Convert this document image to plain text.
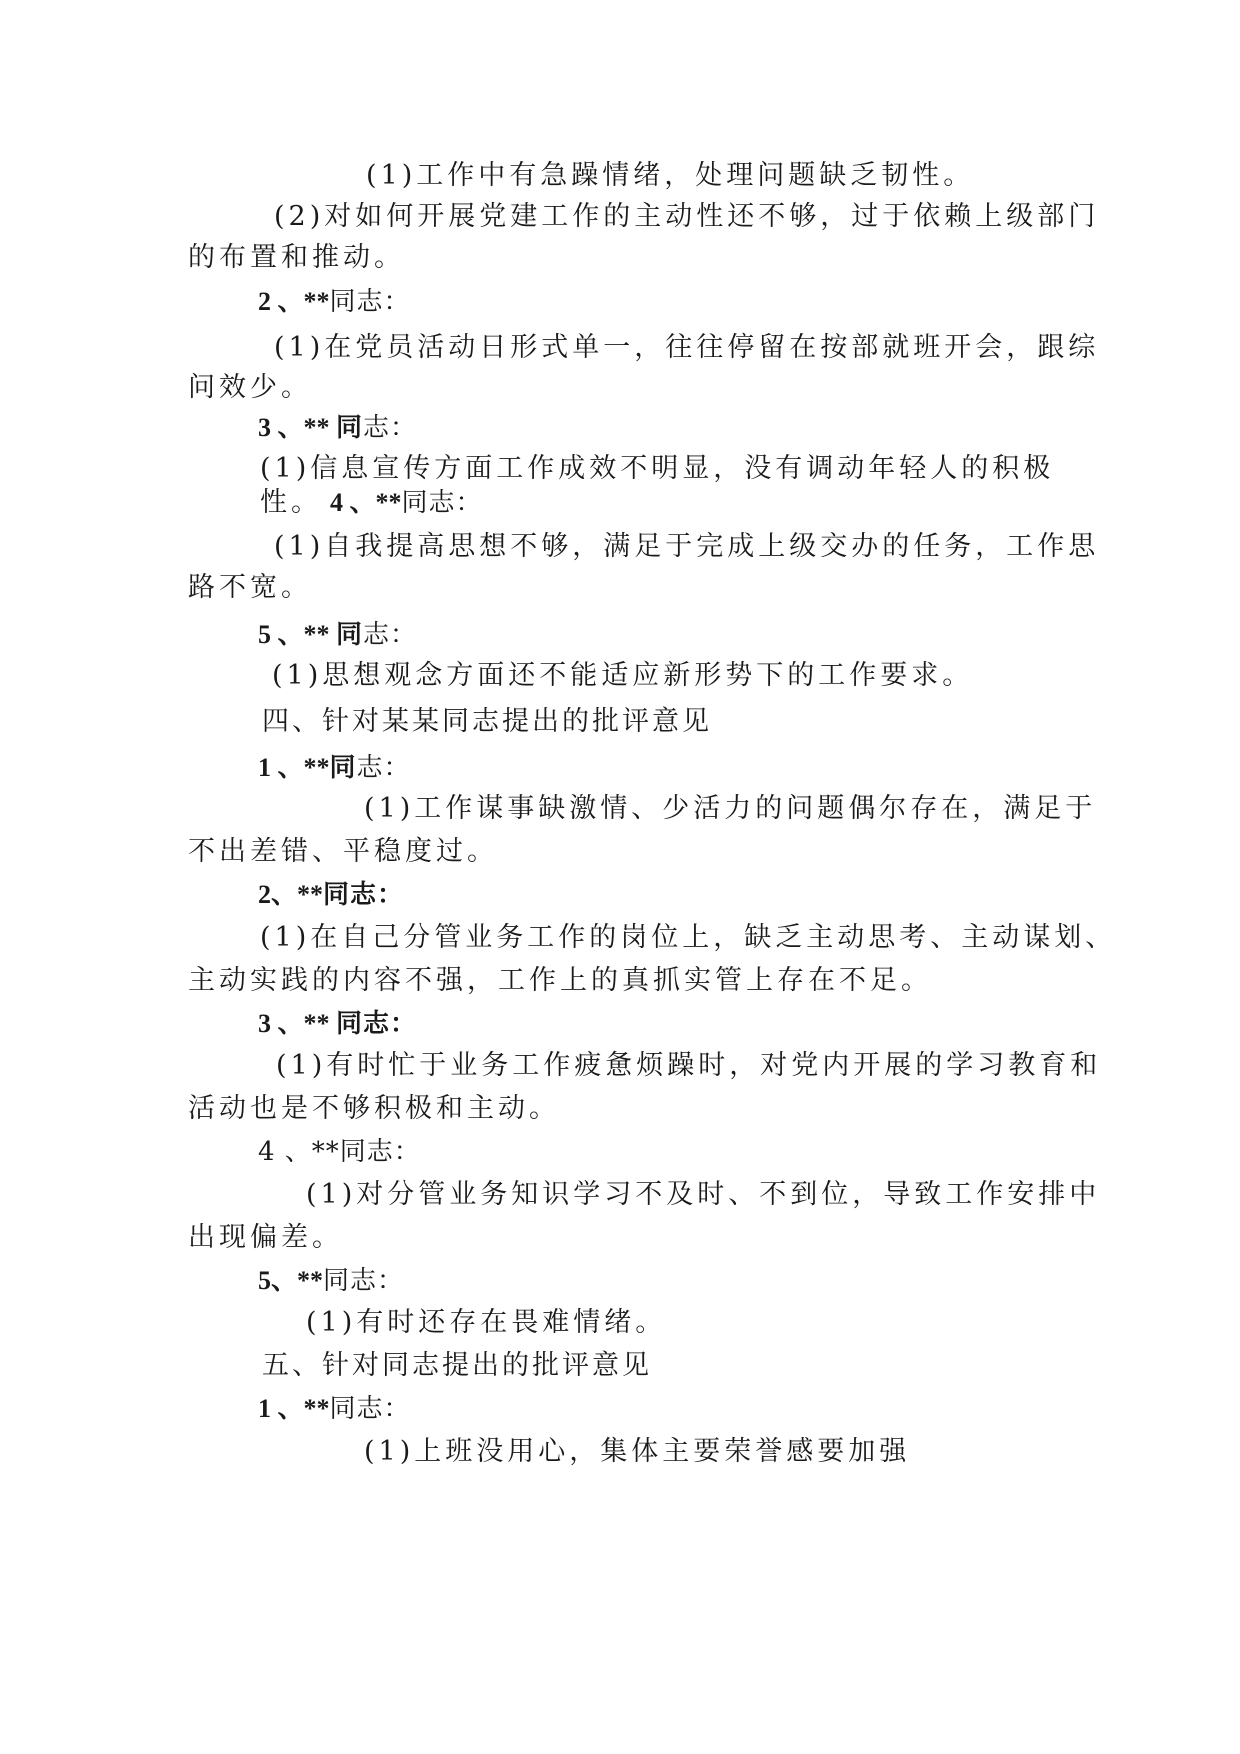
(1)工作中有急躁情绪，处理问题缺乏韧性。
(2)对如何开展党建工作的主动性还不够，过于依赖上级部门
的布置和推动。
2 、**同志：
(1)在党员活动日形式单一，往往停留在按部就班开会，跟综
问效少。
3 、** 同志：
(1)信息宣传方面工作成效不明显，没有调动年轻人的积极
性。 4 、**同志：
(1)自我提高思想不够，满足于完成上级交办的任务，工作思
路不宽。
5 、** 同志：
(1)思想观念方面还不能适应新形势下的工作要求。
四、针对某某同志提出的批评意见
1 、**同志：
(1)工作谋事缺激情、少活力的问题偶尔存在，满足于
不出差错、平稳度过。
2、**同志：
(1)在自己分管业务工作的岗位上，缺乏主动思考、主动谋划、
主动实践的内容不强，工作上的真抓实管上存在不足。
3 、** 同志：
(1)有时忙于业务工作疲惫烦躁时，对党内开展的学习教育和
活动也是不够积极和主动。
4 、**同志：
(1)对分管业务知识学习不及时、不到位，导致工作安排中
出现偏差。
5、**同志：
(1)有时还存在畏难情绪。
五、针对同志提出的批评意见
1 、**同志：
(1)上班没用心，集体主要荣誉感要加强
